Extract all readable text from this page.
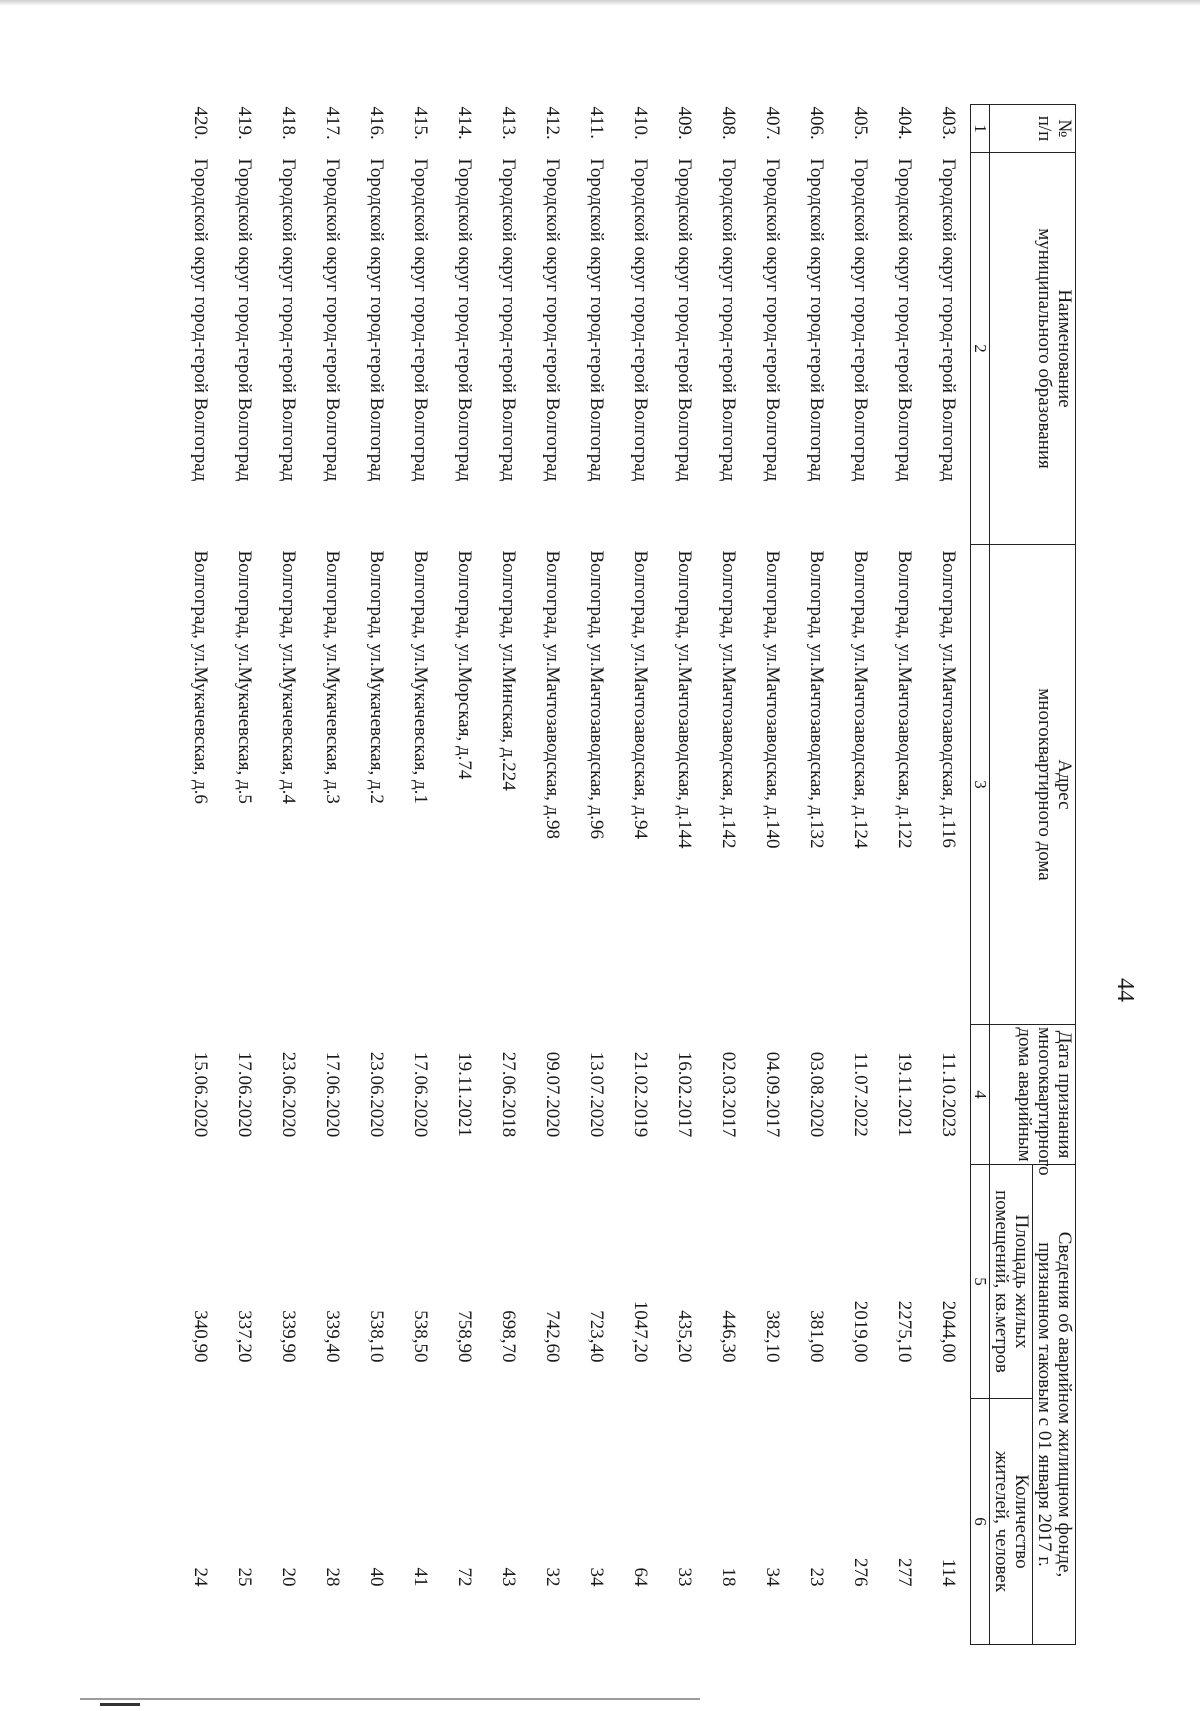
44
№
п/п	Наименование
муниципального образования	Адрес
многоквартирного дома	Дата признания
многоквартирного
дома аварийным	Сведения об аварийном жилищном фонде,
признанном таковым с 01 января 2017 г.	
				Площадь жилых
помещений, кв.метров	Количество
жителей, человек
1	2	3	4	5	6
403.	Городской округ город-герой Волгоград	Волгоград, ул.Мачтозаводская, д.116	11.10.2023	2044,00	114
404.	Городской округ город-герой Волгоград	Волгоград, ул.Мачтозаводская, д.122	19.11.2021	2275,10	277
405.	Городской округ город-герой Волгоград	Волгоград, ул.Мачтозаводская, д.124	11.07.2022	2019,00	276
406.	Городской округ город-герой Волгоград	Волгоград, ул.Мачтозаводская, д.132	03.08.2020	381,00	23
407.	Городской округ город-герой Волгоград	Волгоград, ул.Мачтозаводская, д.140	04.09.2017	382,10	34
408.	Городской округ город-герой Волгоград	Волгоград, ул.Мачтозаводская, д.142	02.03.2017	446,30	18
409.	Городской округ город-герой Волгоград	Волгоград, ул.Мачтозаводская, д.144	16.02.2017	435,20	33
410.	Городской округ город-герой Волгоград	Волгоград, ул.Мачтозаводская, д.94	21.02.2019	1047,20	64
411.	Городской округ город-герой Волгоград	Волгоград, ул.Мачтозаводская, д.96	13.07.2020	723,40	34
412.	Городской округ город-герой Волгоград	Волгоград, ул.Мачтозаводская, д.98	09.07.2020	742,60	32
413.	Городской округ город-герой Волгоград	Волгоград, ул.Минская, д.224	27.06.2018	698,70	43
414.	Городской округ город-герой Волгоград	Волгоград, ул.Морская, д.74	19.11.2021	758,90	72
415.	Городской округ город-герой Волгоград	Волгоград, ул.Мукачевская, д.1	17.06.2020	538,50	41
416.	Городской округ город-герой Волгоград	Волгоград, ул.Мукачевская, д.2	23.06.2020	538,10	40
417.	Городской округ город-герой Волгоград	Волгоград, ул.Мукачевская, д.3	17.06.2020	339,40	28
418.	Городской округ город-герой Волгоград	Волгоград, ул.Мукачевская, д.4	23.06.2020	339,90	20
419.	Городской округ город-герой Волгоград	Волгоград, ул.Мукачевская, д.5	17.06.2020	337,20	25
420.	Городской округ город-герой Волгоград	Волгоград, ул.Мукачевская, д.6	15.06.2020	340,90	24
